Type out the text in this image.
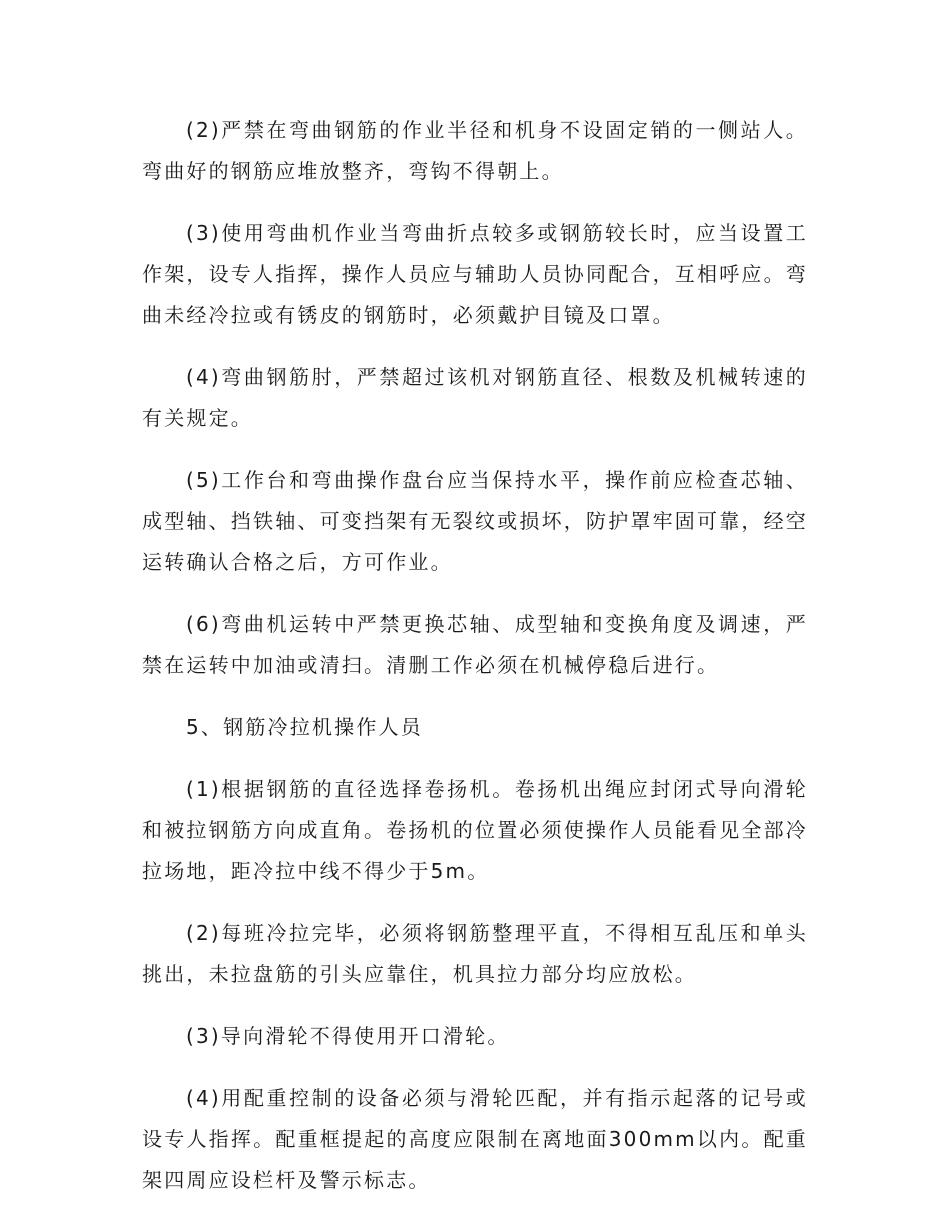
(2)严禁在弯曲钢筋的作业半径和机身不设固定销的一侧站人。弯曲好的钢筋应堆放整齐，弯钩不得朝上。

(3)使用弯曲机作业当弯曲折点较多或钢筋较长时，应当设置工作架，设专人指挥，操作人员应与辅助人员协同配合，互相呼应。弯曲未经冷拉或有锈皮的钢筋时，必须戴护目镜及口罩。

(4)弯曲钢筋肘，严禁超过该机对钢筋直径、根数及机械转速的有关规定。

(5)工作台和弯曲操作盘台应当保持水平，操作前应检查芯轴、成型轴、挡铁轴、可变挡架有无裂纹或损坏，防护罩牢固可靠，经空运转确认合格之后，方可作业。

(6)弯曲机运转中严禁更换芯轴、成型轴和变换角度及调速，严禁在运转中加油或清扫。清删工作必须在机械停稳后进行。

5、钢筋冷拉机操作人员

(1)根据钢筋的直径选择卷扬机。卷扬机出绳应封闭式导向滑轮和被拉钢筋方向成直角。卷扬机的位置必须使操作人员能看见全部冷拉场地，距冷拉中线不得少于5m。

(2)每班冷拉完毕，必须将钢筋整理平直，不得相互乱压和单头挑出，未拉盘筋的引头应靠住，机具拉力部分均应放松。

(3)导向滑轮不得使用开口滑轮。

(4)用配重控制的设备必须与滑轮匹配，并有指示起落的记号或设专人指挥。配重框提起的高度应限制在离地面300mm以内。配重架四周应设栏杆及警示标志。
